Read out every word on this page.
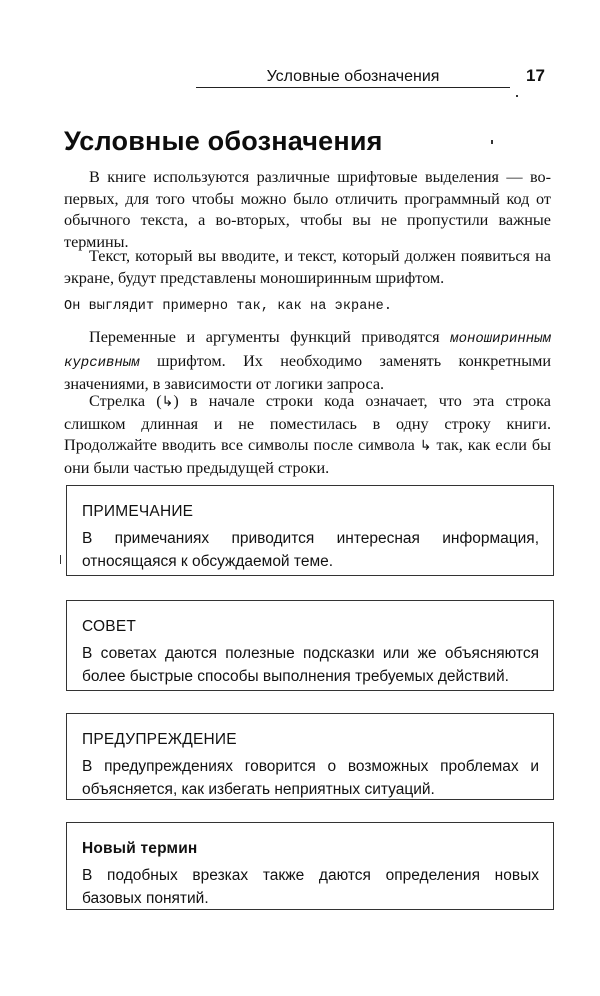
Условные обозначения	17
Условные обозначения

В книге используются различные шрифтовые выделения — во-первых, для того чтобы можно было отличить программный код от обычного текста, а во-вторых, чтобы вы не пропустили важные термины.

Текст, который вы вводите, и текст, который должен появиться на экране, будут представлены моноширинным шрифтом.

Он выглядит примерно так, как на экране.

Переменные и аргументы функций приводятся моноширинным курсивным шрифтом. Их необходимо заменять конкретными значениями, в зависимости от логики запроса.

Стрелка (↳) в начале строки кода означает, что эта строка слишком длинная и не поместилась в одну строку книги. Продолжайте вводить все символы после символа ↳ так, как если бы они были частью предыдущей строки.

ПРИМЕЧАНИЕ
В примечаниях приводится интересная информация, относящаяся к обсуждаемой теме.
СОВЕТ
В советах даются полезные подсказки или же объясняются более быстрые способы выполнения требуемых действий.
ПРЕДУПРЕЖДЕНИЕ
В предупреждениях говорится о возможных проблемах и объясняется, как избегать неприятных ситуаций.
Новый термин
В подобных врезках также даются определения новых базовых понятий.
